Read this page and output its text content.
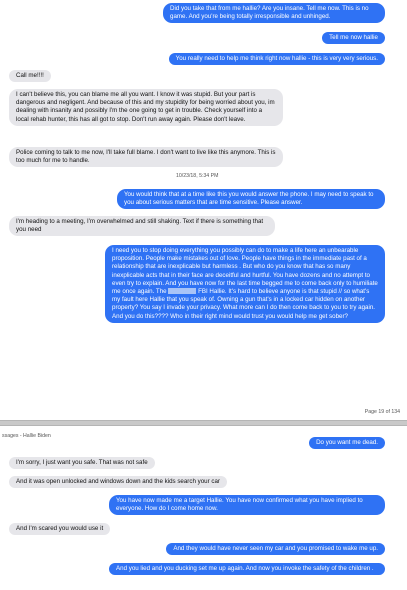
Did you take that from me hallie? Are you insane. Tell me now. This is no game. And you're being totally irresponsible and unhinged.
Tell me now hallie
You really need to help me think right now hallie - this is very very serious.
Call me!!!!
I can't believe this, you can blame me all you want. I know it was stupid. But your part is dangerous and negligent. And because of this and my stupidity for being worried about you, im dealing with insanity and possibly I'm the one going to get in trouble. Check yourself into a local rehab hunter, this has all got to stop. Don't run away again. Please don't leave.
Police coming to talk to me now, I'll take full blame. I don't want to live like this anymore. This is too much for me to handle.
10/23/18, 5:34 PM
You would think that at a time like this you would answer the phone. I may need to speak to you about serious matters that are time sensitive. Please answer.
I'm heading to a meeting, I'm overwhelmed and still shaking. Text if there is something that you need
I need you to stop doing everything you possibly can do to make a life here an unbearable proposition. People make mistakes out of love. People have things in the immediate past of a relationship that are inexplicable but harmless . But who do you know that has so many inexplicable acts that in their face are deceitful and hurtful. You have dozens and no attempt to even try to explain. And you have now for the last time begged me to come back only to humiliate me once again. The	FBI Hallie. It's hard to believe anyone is that stupid // so what's my fault here Hallie that you speak of. Owning a gun that's in a locked car hidden on another property? You say I invade your privacy. What more can I do then come back to you to try again. And you do this???? Who in their right mind would trust you would help me get sober?
Page 19 of 134
ssages - Hallie Biden
Do you want me dead.
I'm sorry, I just want you safe. That was not safe
And it was open unlocked and windows down and the kids search your car
You have now made me a target Hallie. You have now confirmed what you have implied to everyone. How do I come home now.
And I'm scared you would use it
And they would have never seen my car and you promised to wake me up.
And you lied and you ducking set me up again. And now you invoke the safety of the children .
